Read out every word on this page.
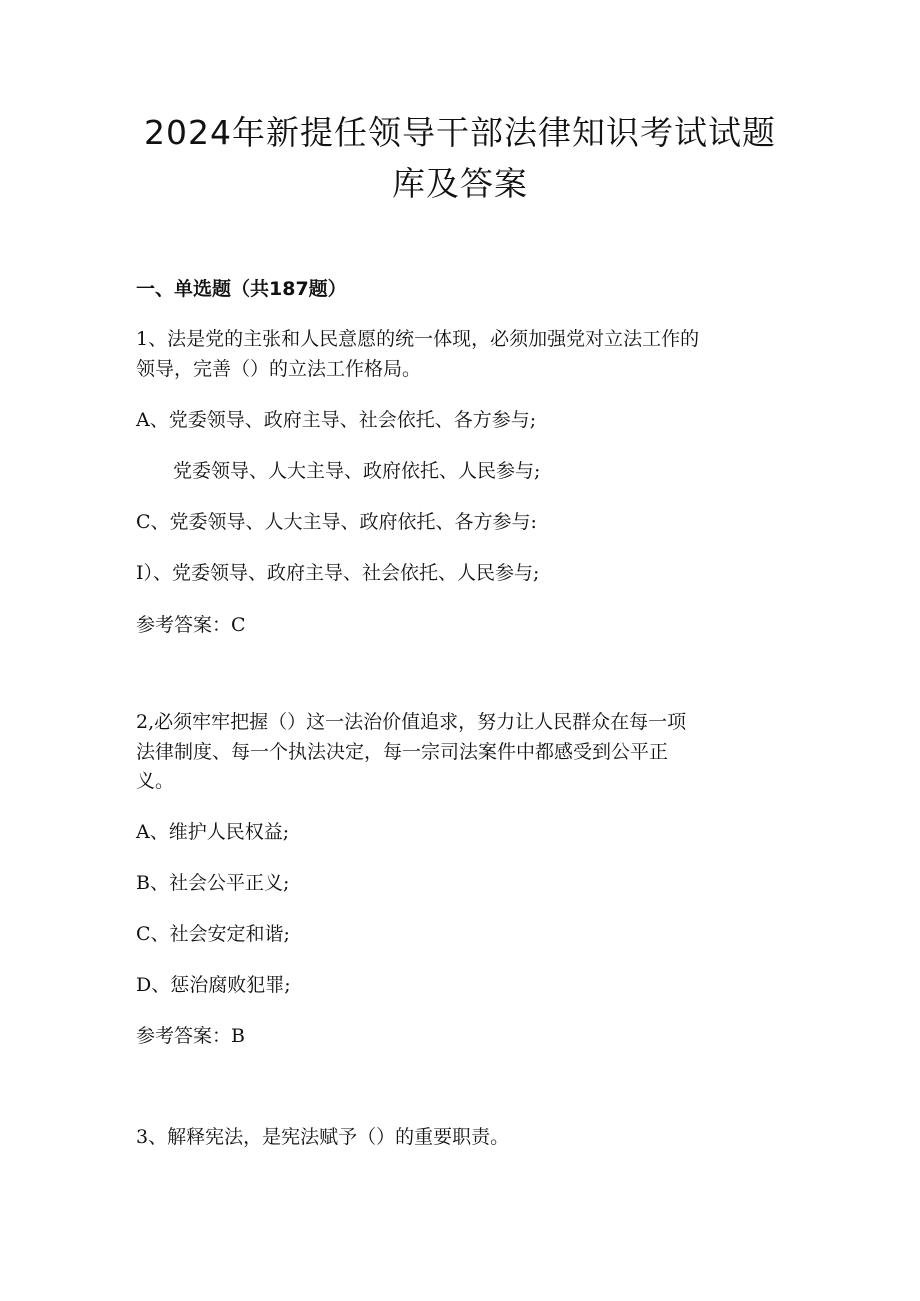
2024年新提任领导干部法律知识考试试题
库及答案
一、单选题（共187题）

1、法是党的主张和人民意愿的统一体现，必须加强党对立法工作的

领导，完善（）的立法工作格局。

A、党委领导、政府主导、社会依托、各方参与;

党委领导、人大主导、政府依托、人民参与;

C、党委领导、人大主导、政府依托、各方参与:

I）、党委领导、政府主导、社会依托、人民参与;

参考答案：C

2,必须牢牢把握（）这一法治价值追求，努力让人民群众在每一项

法律制度、每一个执法决定，每一宗司法案件中都感受到公平正

义。

A、维护人民权益;

B、社会公平正义;

C、社会安定和谐;

D、惩治腐败犯罪;

参考答案：B

3、解释宪法，是宪法赋予（）的重要职责。
